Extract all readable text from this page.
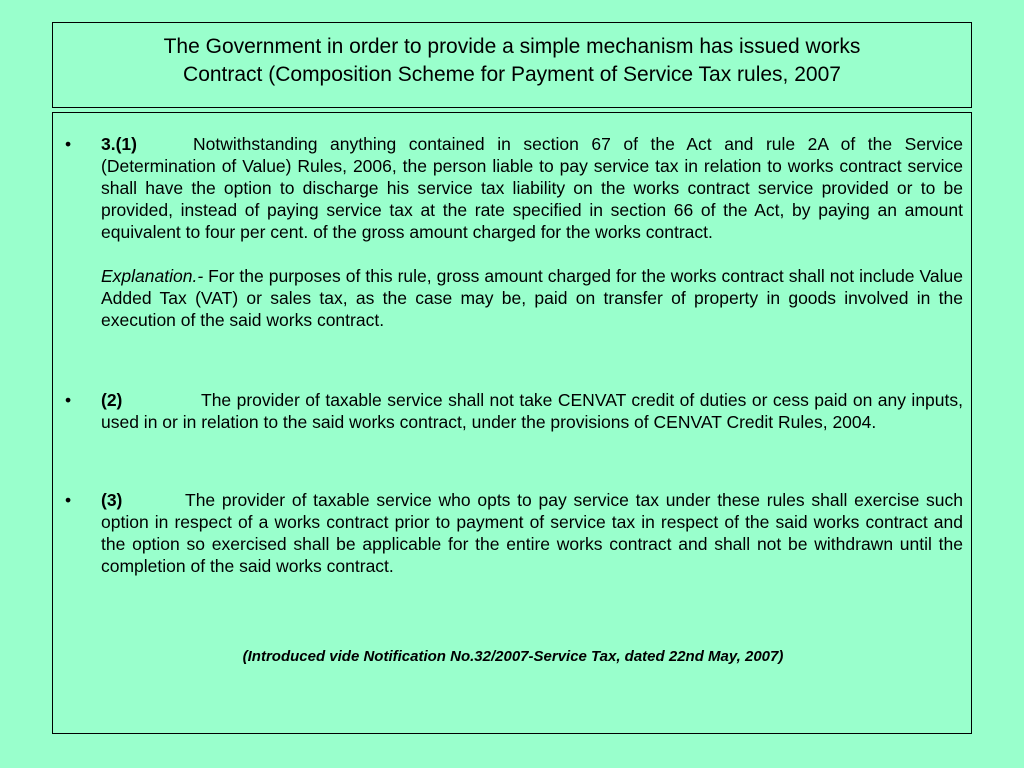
The Government in order to provide a simple mechanism has issued works
Contract (Composition Scheme for Payment of Service Tax rules, 2007
• 3.(1)	Notwithstanding anything contained in section 67 of the Act and rule 2A of the Service (Determination of Value) Rules, 2006, the person liable to pay service tax in relation to works contract service shall have the option to discharge his service tax liability on the works contract service provided or to be provided, instead of paying service tax at the rate specified in section 66 of the Act, by paying an amount equivalent to four per cent. of the gross amount charged for the works contract.
Explanation.- For the purposes of this rule, gross amount charged for the works contract shall not include Value Added Tax (VAT) or sales tax, as the case may be, paid on transfer of property in goods involved in the execution of the said works contract.
• (2)	The provider of taxable service shall not take CENVAT credit of duties or cess paid on any inputs, used in or in relation to the said works contract, under the provisions of CENVAT Credit Rules, 2004.
• (3)	The provider of taxable service who opts to pay service tax under these rules shall exercise such option in respect of a works contract prior to payment of service tax in respect of the said works contract and the option so exercised shall be applicable for the entire works contract and shall not be withdrawn until the completion of the said works contract.
(Introduced vide Notification No.32/2007-Service Tax, dated 22nd May, 2007)
